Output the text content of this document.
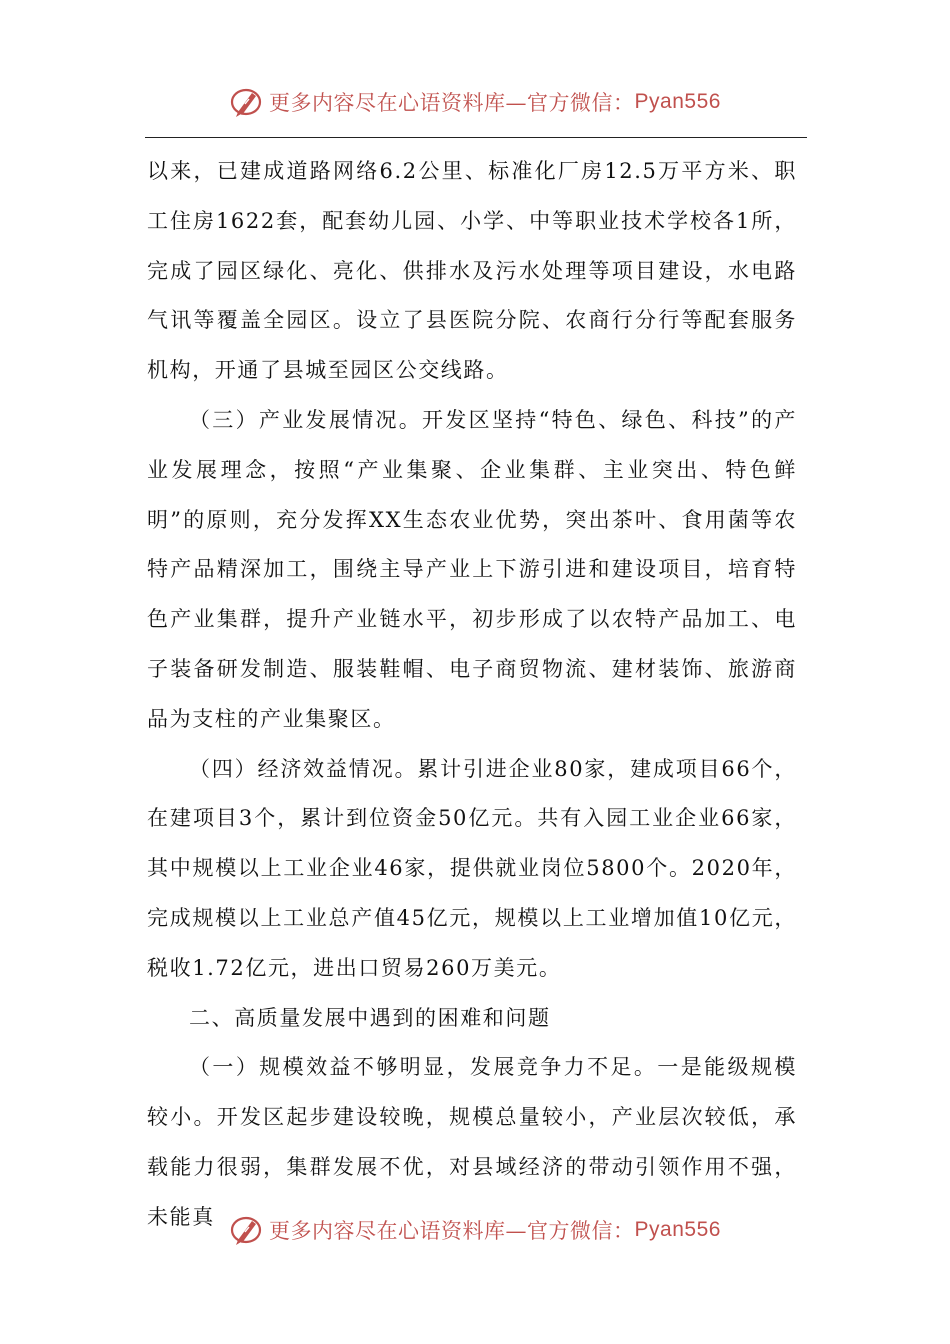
更多内容尽在心语资料库—官方微信： Pyan556

以来，已建成道路网络6.2公里、标准化厂房12.5万平方米、职工住房1622套，配套幼儿园、小学、中等职业技术学校各1所，完成了园区绿化、亮化、供排水及污水处理等项目建设，水电路气讯等覆盖全园区。设立了县医院分院、农商行分行等配套服务机构，开通了县城至园区公交线路。

（三）产业发展情况。开发区坚持“特色、绿色、科技”的产业发展理念，按照“产业集聚、企业集群、主业突出、特色鲜明”的原则，充分发挥XX生态农业优势，突出茶叶、食用菌等农特产品精深加工，围绕主导产业上下游引进和建设项目，培育特色产业集群，提升产业链水平，初步形成了以农特产品加工、电子装备研发制造、服装鞋帽、电子商贸物流、建材装饰、旅游商品为支柱的产业集聚区。

（四）经济效益情况。累计引进企业80家，建成项目66个，在建项目3个，累计到位资金50亿元。共有入园工业企业66家，其中规模以上工业企业46家，提供就业岗位5800个。2020年，完成规模以上工业总产值45亿元，规模以上工业增加值10亿元，税收1.72亿元，进出口贸易260万美元。

二、高质量发展中遇到的困难和问题

（一）规模效益不够明显，发展竞争力不足。一是能级规模较小。开发区起步建设较晚，规模总量较小，产业层次较低，承载能力很弱，集群发展不优，对县域经济的带动引领作用不强，未能真

更多内容尽在心语资料库—官方微信： Pyan556
